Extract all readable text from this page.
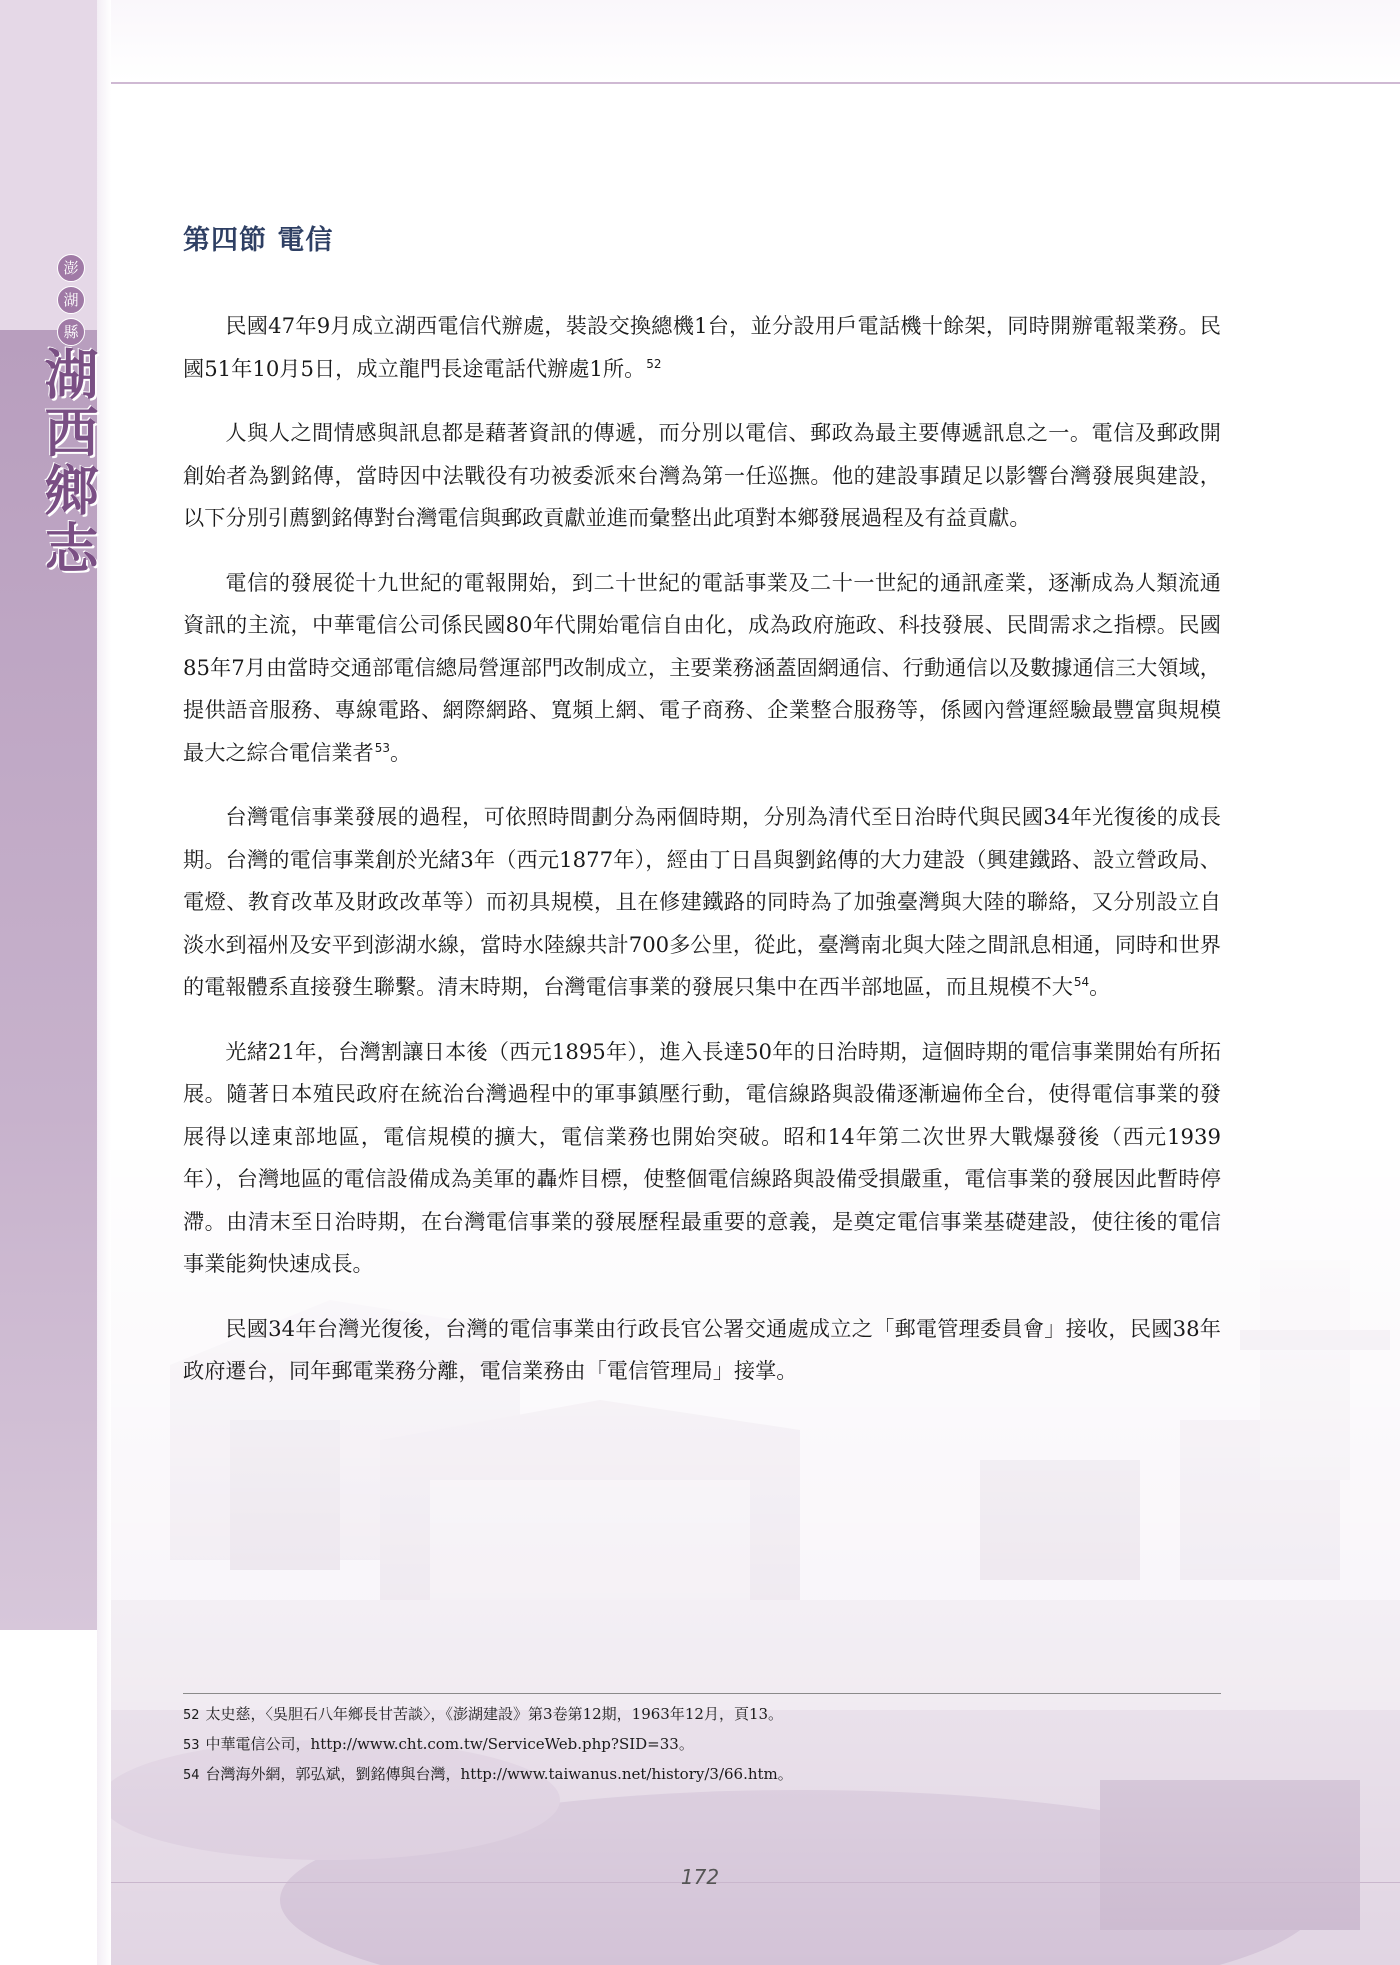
澎
湖
縣
湖西鄉志
第四節 電信

民國47年9月成立湖西電信代辦處，裝設交換總機1台，並分設用戶電話機十餘架，同時開辦電報業務。民國51年10月5日，成立龍門長途電話代辦處1所。$^{52}$

人與人之間情感與訊息都是藉著資訊的傳遞，而分別以電信、郵政為最主要傳遞訊息之一。電信及郵政開創始者為劉銘傳，當時因中法戰役有功被委派來台灣為第一任巡撫。他的建設事蹟足以影響台灣發展與建設，以下分別引薦劉銘傳對台灣電信與郵政貢獻並進而彙整出此項對本鄉發展過程及有益貢獻。

電信的發展從十九世紀的電報開始，到二十世紀的電話事業及二十一世紀的通訊產業，逐漸成為人類流通資訊的主流，中華電信公司係民國80年代開始電信自由化，成為政府施政、科技發展、民間需求之指標。民國85年7月由當時交通部電信總局營運部門改制成立，主要業務涵蓋固網通信、行動通信以及數據通信三大領域，提供語音服務、專線電路、網際網路、寬頻上網、電子商務、企業整合服務等，係國內營運經驗最豐富與規模最大之綜合電信業者$^{53}$。

台灣電信事業發展的過程，可依照時間劃分為兩個時期，分別為清代至日治時代與民國34年光復後的成長期。台灣的電信事業創於光緒3年（西元1877年），經由丁日昌與劉銘傳的大力建設（興建鐵路、設立營政局、電燈、教育改革及財政改革等）而初具規模，且在修建鐵路的同時為了加強臺灣與大陸的聯絡，又分別設立自淡水到福州及安平到澎湖水線，當時水陸線共計700多公里，從此，臺灣南北與大陸之間訊息相通，同時和世界的電報體系直接發生聯繫。清末時期，台灣電信事業的發展只集中在西半部地區，而且規模不大$^{54}$。

光緒21年，台灣割讓日本後（西元1895年），進入長達50年的日治時期，這個時期的電信事業開始有所拓展。隨著日本殖民政府在統治台灣過程中的軍事鎮壓行動，電信線路與設備逐漸遍佈全台，使得電信事業的發展得以達東部地區，電信規模的擴大，電信業務也開始突破。昭和14年第二次世界大戰爆發後（西元1939年），台灣地區的電信設備成為美軍的轟炸目標，使整個電信線路與設備受損嚴重，電信事業的發展因此暫時停滯。由清末至日治時期，在台灣電信事業的發展歷程最重要的意義，是奠定電信事業基礎建設，使往後的電信事業能夠快速成長。

民國34年台灣光復後，台灣的電信事業由行政長官公署交通處成立之「郵電管理委員會」接收，民國38年政府遷台，同年郵電業務分離，電信業務由「電信管理局」接掌。

52 太史慈，〈吳胆石八年鄉長甘苦談〉，《澎湖建設》第3卷第12期，1963年12月，頁13。
53 中華電信公司，http://www.cht.com.tw/ServiceWeb.php?SID=33。
54 台灣海外網，郭弘斌，劉銘傳與台灣，http://www.taiwanus.net/history/3/66.htm。
172
